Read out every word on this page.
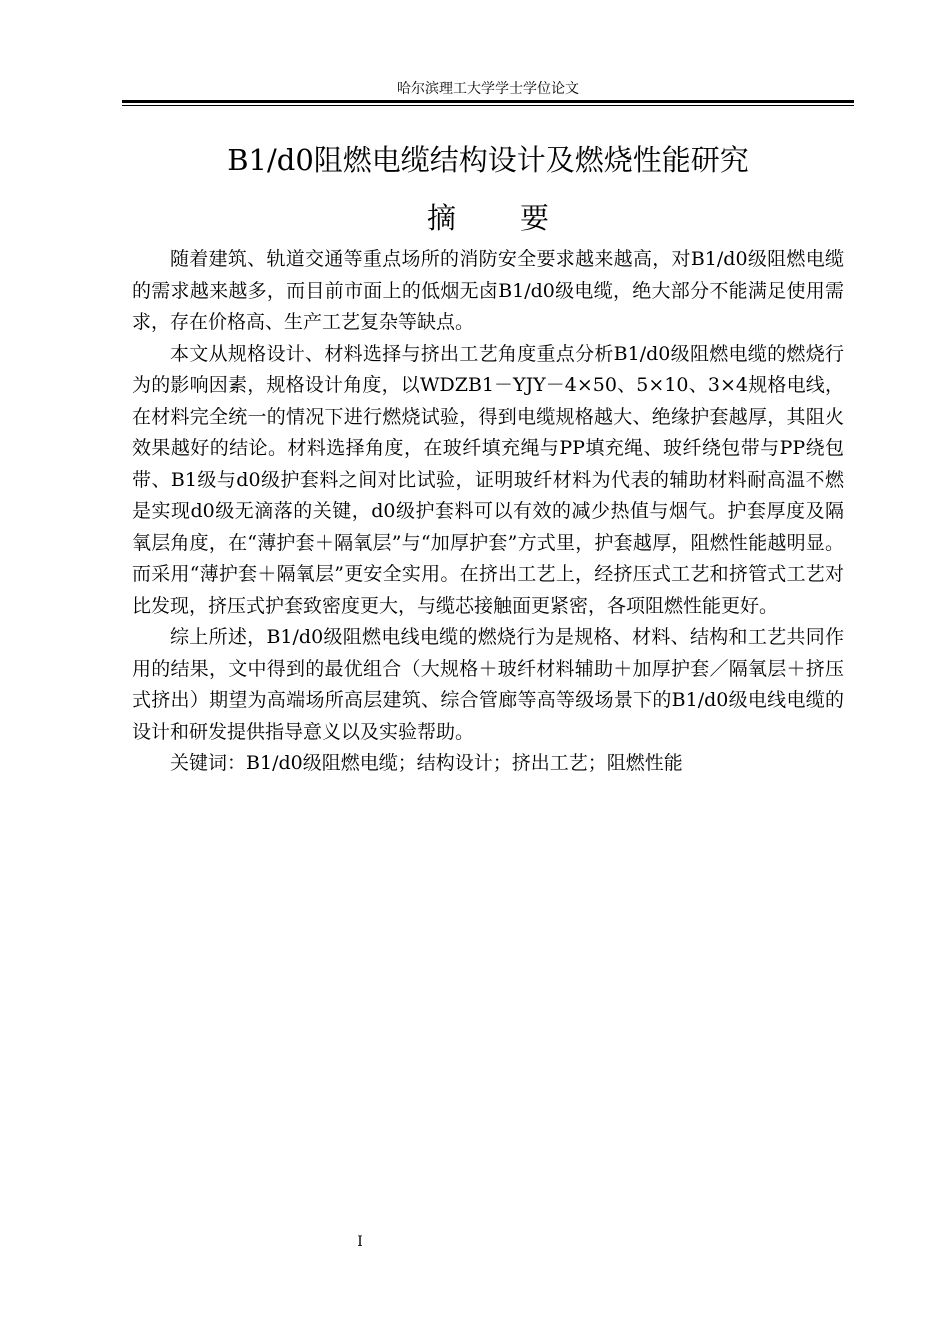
哈尔滨理工大学学士学位论文
B1/d0阻燃电缆结构设计及燃烧性能研究
摘要

随着建筑、轨道交通等重点场所的消防安全要求越来越高，对B1/d0级阻燃电缆的需求越来越多，而目前市面上的低烟无卤B1/d0级电缆，绝大部分不能满足使用需求，存在价格高、生产工艺复杂等缺点。

本文从规格设计、材料选择与挤出工艺角度重点分析B1/d0级阻燃电缆的燃烧行为的影响因素，规格设计角度，以WDZB1－YJY－4×50、5×10、3×4规格电线，在材料完全统一的情况下进行燃烧试验，得到电缆规格越大、绝缘护套越厚，其阻火效果越好的结论。材料选择角度，在玻纤填充绳与PP填充绳、玻纤绕包带与PP绕包带、B1级与d0级护套料之间对比试验，证明玻纤材料为代表的辅助材料耐高温不燃是实现d0级无滴落的关键，d0级护套料可以有效的减少热值与烟气。护套厚度及隔氧层角度，在“薄护套＋隔氧层”与“加厚护套”方式里，护套越厚，阻燃性能越明显。而采用“薄护套＋隔氧层”更安全实用。在挤出工艺上，经挤压式工艺和挤管式工艺对比发现，挤压式护套致密度更大，与缆芯接触面更紧密，各项阻燃性能更好。

综上所述，B1/d0级阻燃电线电缆的燃烧行为是规格、材料、结构和工艺共同作用的结果，文中得到的最优组合（大规格＋玻纤材料辅助＋加厚护套／隔氧层＋挤压式挤出）期望为高端场所高层建筑、综合管廊等高等级场景下的B1/d0级电线电缆的设计和研发提供指导意义以及实验帮助。

关键词：B1/d0级阻燃电缆；结构设计；挤出工艺；阻燃性能

I
